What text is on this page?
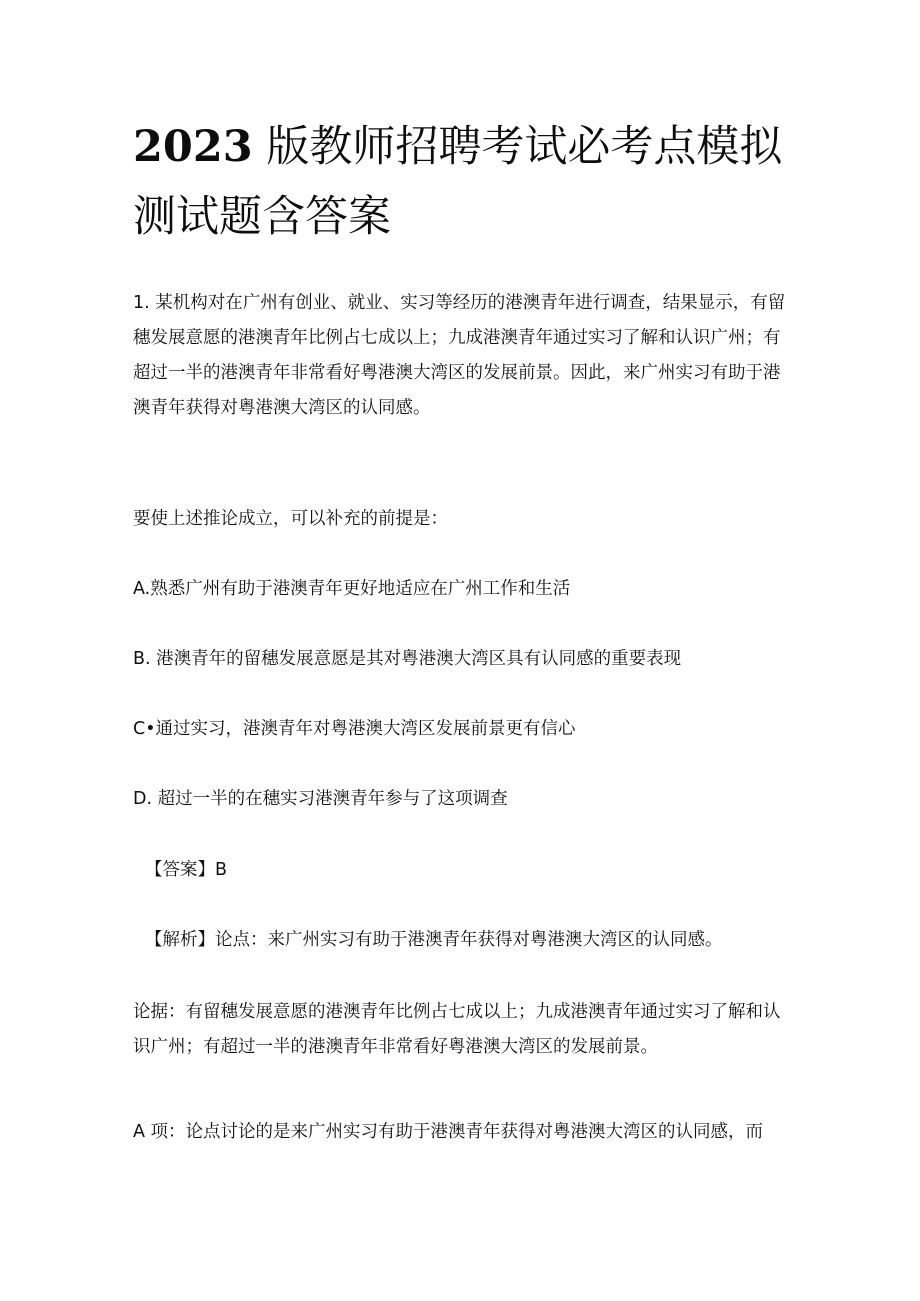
2023 版教师招聘考试必考点模拟测试题含答案

1. 某机构对在广州有创业、就业、实习等经历的港澳青年进行调查，结果显示，有留穗发展意愿的港澳青年比例占七成以上；九成港澳青年通过实习了解和认识广州；有超过一半的港澳青年非常看好粤港澳大湾区的发展前景。因此，来广州实习有助于港澳青年获得对粤港澳大湾区的认同感。

要使上述推论成立，可以补充的前提是：

A.熟悉广州有助于港澳青年更好地适应在广州工作和生活

B. 港澳青年的留穗发展意愿是其对粤港澳大湾区具有认同感的重要表现

C•通过实习，港澳青年对粤港澳大湾区发展前景更有信心

D. 超过一半的在穗实习港澳青年参与了这项调查

【答案】B

【解析】论点：来广州实习有助于港澳青年获得对粤港澳大湾区的认同感。

论据：有留穗发展意愿的港澳青年比例占七成以上；九成港澳青年通过实习了解和认识广州；有超过一半的港澳青年非常看好粤港澳大湾区的发展前景。

A 项：论点讨论的是来广州实习有助于港澳青年获得对粤港澳大湾区的认同感，而
